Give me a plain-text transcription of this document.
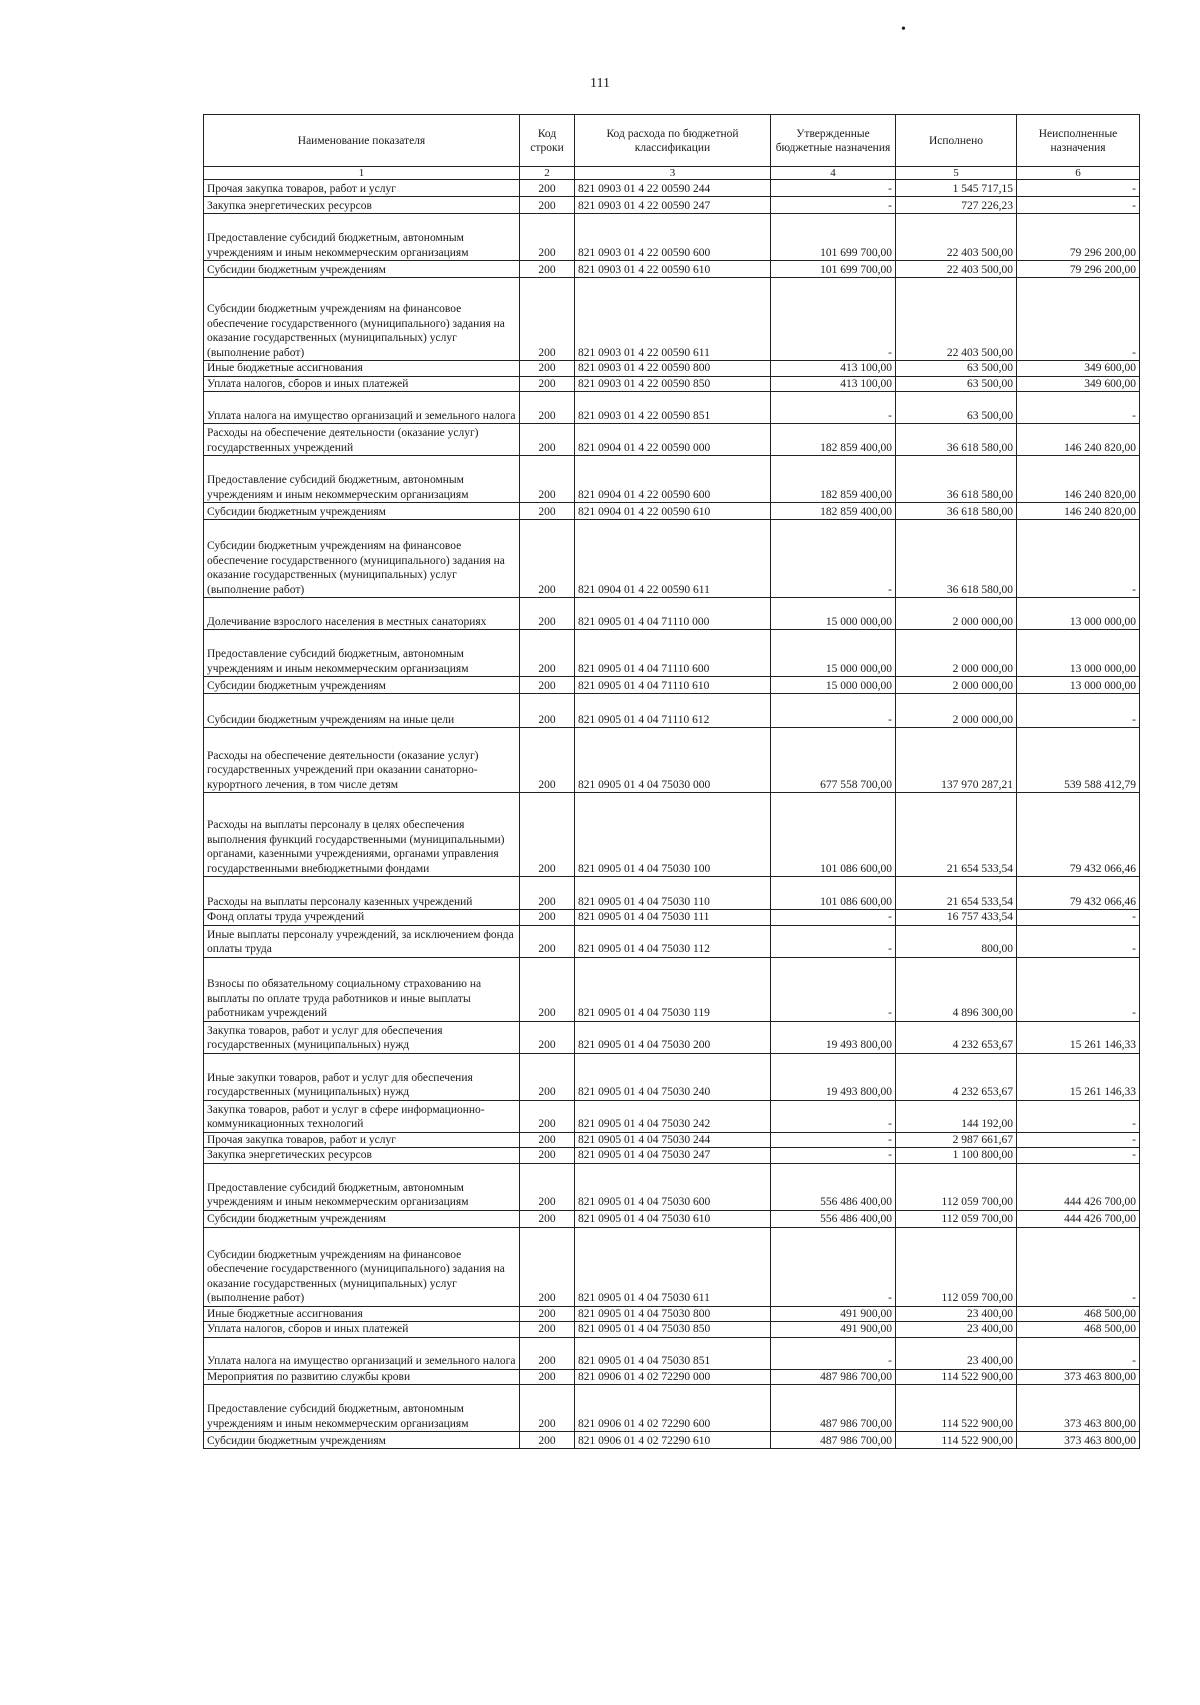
•
111
Наименование показателя	Код строки	Код расхода по бюджетной классификации	Утвержденные бюджетные назначения	Исполнено	Неисполненные назначения
1	2	3	4	5	6
Прочая закупка товаров, работ и услуг	200	821 0903 01 4 22 00590 244	-	1 545 717,15	-
Закупка энергетических ресурсов	200	821 0903 01 4 22 00590 247	-	727 226,23	-
Предоставление субсидий бюджетным, автономным учреждениям и иным некоммерческим организациям	200	821 0903 01 4 22 00590 600	101 699 700,00	22 403 500,00	79 296 200,00
Субсидии бюджетным учреждениям	200	821 0903 01 4 22 00590 610	101 699 700,00	22 403 500,00	79 296 200,00
Субсидии бюджетным учреждениям на финансовое обеспечение государственного (муниципального) задания на оказание государственных (муниципальных) услуг (выполнение работ)	200	821 0903 01 4 22 00590 611	-	22 403 500,00	-
Иные бюджетные ассигнования	200	821 0903 01 4 22 00590 800	413 100,00	63 500,00	349 600,00
Уплата налогов, сборов и иных платежей	200	821 0903 01 4 22 00590 850	413 100,00	63 500,00	349 600,00
Уплата налога на имущество организаций и земельного налога	200	821 0903 01 4 22 00590 851	-	63 500,00	-
Расходы на обеспечение деятельности (оказание услуг) государственных учреждений	200	821 0904 01 4 22 00590 000	182 859 400,00	36 618 580,00	146 240 820,00
Предоставление субсидий бюджетным, автономным учреждениям и иным некоммерческим организациям	200	821 0904 01 4 22 00590 600	182 859 400,00	36 618 580,00	146 240 820,00
Субсидии бюджетным учреждениям	200	821 0904 01 4 22 00590 610	182 859 400,00	36 618 580,00	146 240 820,00
Субсидии бюджетным учреждениям на финансовое обеспечение государственного (муниципального) задания на оказание государственных (муниципальных) услуг (выполнение работ)	200	821 0904 01 4 22 00590 611	-	36 618 580,00	-
Долечивание взрослого населения в местных санаториях	200	821 0905 01 4 04 71110 000	15 000 000,00	2 000 000,00	13 000 000,00
Предоставление субсидий бюджетным, автономным учреждениям и иным некоммерческим организациям	200	821 0905 01 4 04 71110 600	15 000 000,00	2 000 000,00	13 000 000,00
Субсидии бюджетным учреждениям	200	821 0905 01 4 04 71110 610	15 000 000,00	2 000 000,00	13 000 000,00
Субсидии бюджетным учреждениям на иные цели	200	821 0905 01 4 04 71110 612	-	2 000 000,00	-
Расходы на обеспечение деятельности (оказание услуг) государственных учреждений при оказании санаторно-курортного лечения, в том числе детям	200	821 0905 01 4 04 75030 000	677 558 700,00	137 970 287,21	539 588 412,79
Расходы на выплаты персоналу в целях обеспечения выполнения функций государственными (муниципальными) органами, казенными учреждениями, органами управления государственными внебюджетными фондами	200	821 0905 01 4 04 75030 100	101 086 600,00	21 654 533,54	79 432 066,46
Расходы на выплаты персоналу казенных учреждений	200	821 0905 01 4 04 75030 110	101 086 600,00	21 654 533,54	79 432 066,46
Фонд оплаты труда учреждений	200	821 0905 01 4 04 75030 111	-	16 757 433,54	-
Иные выплаты персоналу учреждений, за исключением фонда оплаты труда	200	821 0905 01 4 04 75030 112	-	800,00	-
Взносы по обязательному социальному страхованию на выплаты по оплате труда работников и иные выплаты работникам учреждений	200	821 0905 01 4 04 75030 119	-	4 896 300,00	-
Закупка товаров, работ и услуг для обеспечения государственных (муниципальных) нужд	200	821 0905 01 4 04 75030 200	19 493 800,00	4 232 653,67	15 261 146,33
Иные закупки товаров, работ и услуг для обеспечения государственных (муниципальных) нужд	200	821 0905 01 4 04 75030 240	19 493 800,00	4 232 653,67	15 261 146,33
Закупка товаров, работ и услуг в сфере информационно-коммуникационных технологий	200	821 0905 01 4 04 75030 242	-	144 192,00	-
Прочая закупка товаров, работ и услуг	200	821 0905 01 4 04 75030 244	-	2 987 661,67	-
Закупка энергетических ресурсов	200	821 0905 01 4 04 75030 247	-	1 100 800,00	-
Предоставление субсидий бюджетным, автономным учреждениям и иным некоммерческим организациям	200	821 0905 01 4 04 75030 600	556 486 400,00	112 059 700,00	444 426 700,00
Субсидии бюджетным учреждениям	200	821 0905 01 4 04 75030 610	556 486 400,00	112 059 700,00	444 426 700,00
Субсидии бюджетным учреждениям на финансовое обеспечение государственного (муниципального) задания на оказание государственных (муниципальных) услуг (выполнение работ)	200	821 0905 01 4 04 75030 611	-	112 059 700,00	-
Иные бюджетные ассигнования	200	821 0905 01 4 04 75030 800	491 900,00	23 400,00	468 500,00
Уплата налогов, сборов и иных платежей	200	821 0905 01 4 04 75030 850	491 900,00	23 400,00	468 500,00
Уплата налога на имущество организаций и земельного налога	200	821 0905 01 4 04 75030 851	-	23 400,00	-
Мероприятия по развитию службы крови	200	821 0906 01 4 02 72290 000	487 986 700,00	114 522 900,00	373 463 800,00
Предоставление субсидий бюджетным, автономным учреждениям и иным некоммерческим организациям	200	821 0906 01 4 02 72290 600	487 986 700,00	114 522 900,00	373 463 800,00
Субсидии бюджетным учреждениям	200	821 0906 01 4 02 72290 610	487 986 700,00	114 522 900,00	373 463 800,00
